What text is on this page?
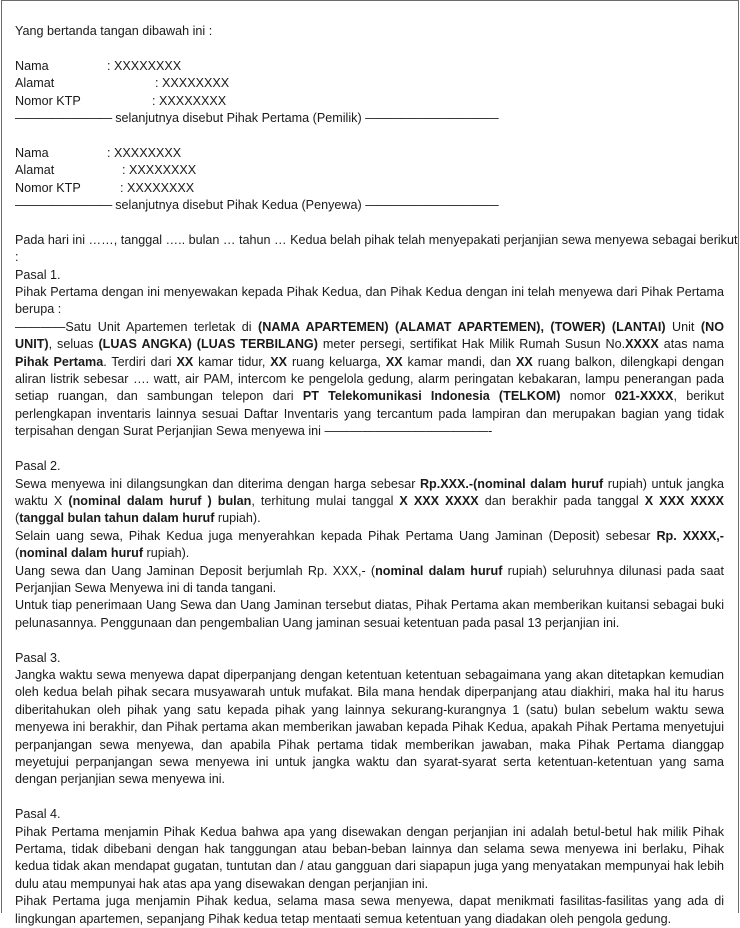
Yang bertanda tangan dibawah ini :
Nama	: XXXXXXXX
Alamat	: XXXXXXXX
Nomor KTP	: XXXXXXXX
———————— selanjutnya disebut Pihak Pertama (Pemilik) ———————————
Nama	: XXXXXXXX
Alamat	: XXXXXXXX
Nomor KTP	: XXXXXXXX
———————— selanjutnya disebut Pihak Kedua (Penyewa) ———————————
Pada hari ini ……, tanggal ….. bulan … tahun … Kedua belah pihak telah menyepakati perjanjian sewa menyewa sebagai berikut
:
Pasal 1.
Pihak Pertama dengan ini menyewakan kepada Pihak Kedua, dan Pihak Kedua dengan ini telah menyewa dari Pihak Pertama berupa :
————Satu Unit Apartemen terletak di (NAMA APARTEMEN) (ALAMAT APARTEMEN), (TOWER) (LANTAI) Unit (NO UNIT), seluas (LUAS ANGKA) (LUAS TERBILANG) meter persegi, sertifikat Hak Milik Rumah Susun No.XXXX atas nama Pihak Pertama. Terdiri dari XX kamar tidur, XX ruang keluarga, XX kamar mandi, dan XX ruang balkon, dilengkapi dengan aliran listrik sebesar …. watt, air PAM, intercom ke pengelola gedung, alarm peringatan kebakaran, lampu penerangan pada setiap ruangan, dan sambungan telepon dari PT Telekomunikasi Indonesia (TELKOM) nomor 021-XXXX, berikut perlengkapan inventaris lainnya sesuai Daftar Inventaris yang tercantum pada lampiran dan merupakan bagian yang tidak terpisahan dengan Surat Perjanjian Sewa menyewa ini —————————————-
Pasal 2.
Sewa menyewa ini dilangsungkan dan diterima dengan harga sebesar Rp.XXX.-(nominal dalam huruf rupiah) untuk jangka waktu X (nominal dalam huruf ) bulan, terhitung mulai tanggal X XXX XXXX dan berakhir pada tanggal X XXX XXXX (tanggal bulan tahun dalam huruf rupiah).
Selain uang sewa, Pihak Kedua juga menyerahkan kepada Pihak Pertama Uang Jaminan (Deposit) sebesar Rp. XXXX,- (nominal dalam huruf rupiah).
Uang sewa dan Uang Jaminan Deposit berjumlah Rp. XXX,- (nominal dalam huruf rupiah) seluruhnya dilunasi pada saat Perjanjian Sewa Menyewa ini di tanda tangani.
Untuk tiap penerimaan Uang Sewa dan Uang Jaminan tersebut diatas, Pihak Pertama akan memberikan kuitansi sebagai buki pelunasannya. Penggunaan dan pengembalian Uang jaminan sesuai ketentuan pada pasal 13 perjanjian ini.
Pasal 3.
Jangka waktu sewa menyewa dapat diperpanjang dengan ketentuan ketentuan sebagaimana yang akan ditetapkan kemudian oleh kedua belah pihak secara musyawarah untuk mufakat. Bila mana hendak diperpanjang atau diakhiri, maka hal itu harus diberitahukan oleh pihak yang satu kepada pihak yang lainnya sekurang-kurangnya 1 (satu) bulan sebelum waktu sewa menyewa ini berakhir, dan Pihak pertama akan memberikan jawaban kepada Pihak Kedua, apakah Pihak Pertama menyetujui perpanjangan sewa menyewa, dan apabila Pihak pertama tidak memberikan jawaban, maka Pihak Pertama dianggap meyetujui perpanjangan sewa menyewa ini untuk jangka waktu dan syarat-syarat serta ketentuan-ketentuan yang sama dengan perjanjian sewa menyewa ini.
Pasal 4.
Pihak Pertama menjamin Pihak Kedua bahwa apa yang disewakan dengan perjanjian ini adalah betul-betul hak milik Pihak Pertama, tidak dibebani dengan hak tanggungan atau beban-beban lainnya dan selama sewa menyewa ini berlaku, Pihak kedua tidak akan mendapat gugatan, tuntutan dan / atau gangguan dari siapapun juga yang menyatakan mempunyai hak lebih dulu atau mempunyai hak atas apa yang disewakan dengan perjanjian ini.
Pihak Pertama juga menjamin Pihak kedua, selama masa sewa menyewa, dapat menikmati fasilitas-fasilitas yang ada di lingkungan apartemen, sepanjang Pihak kedua tetap mentaati semua ketentuan yang diadakan oleh pengola gedung.
